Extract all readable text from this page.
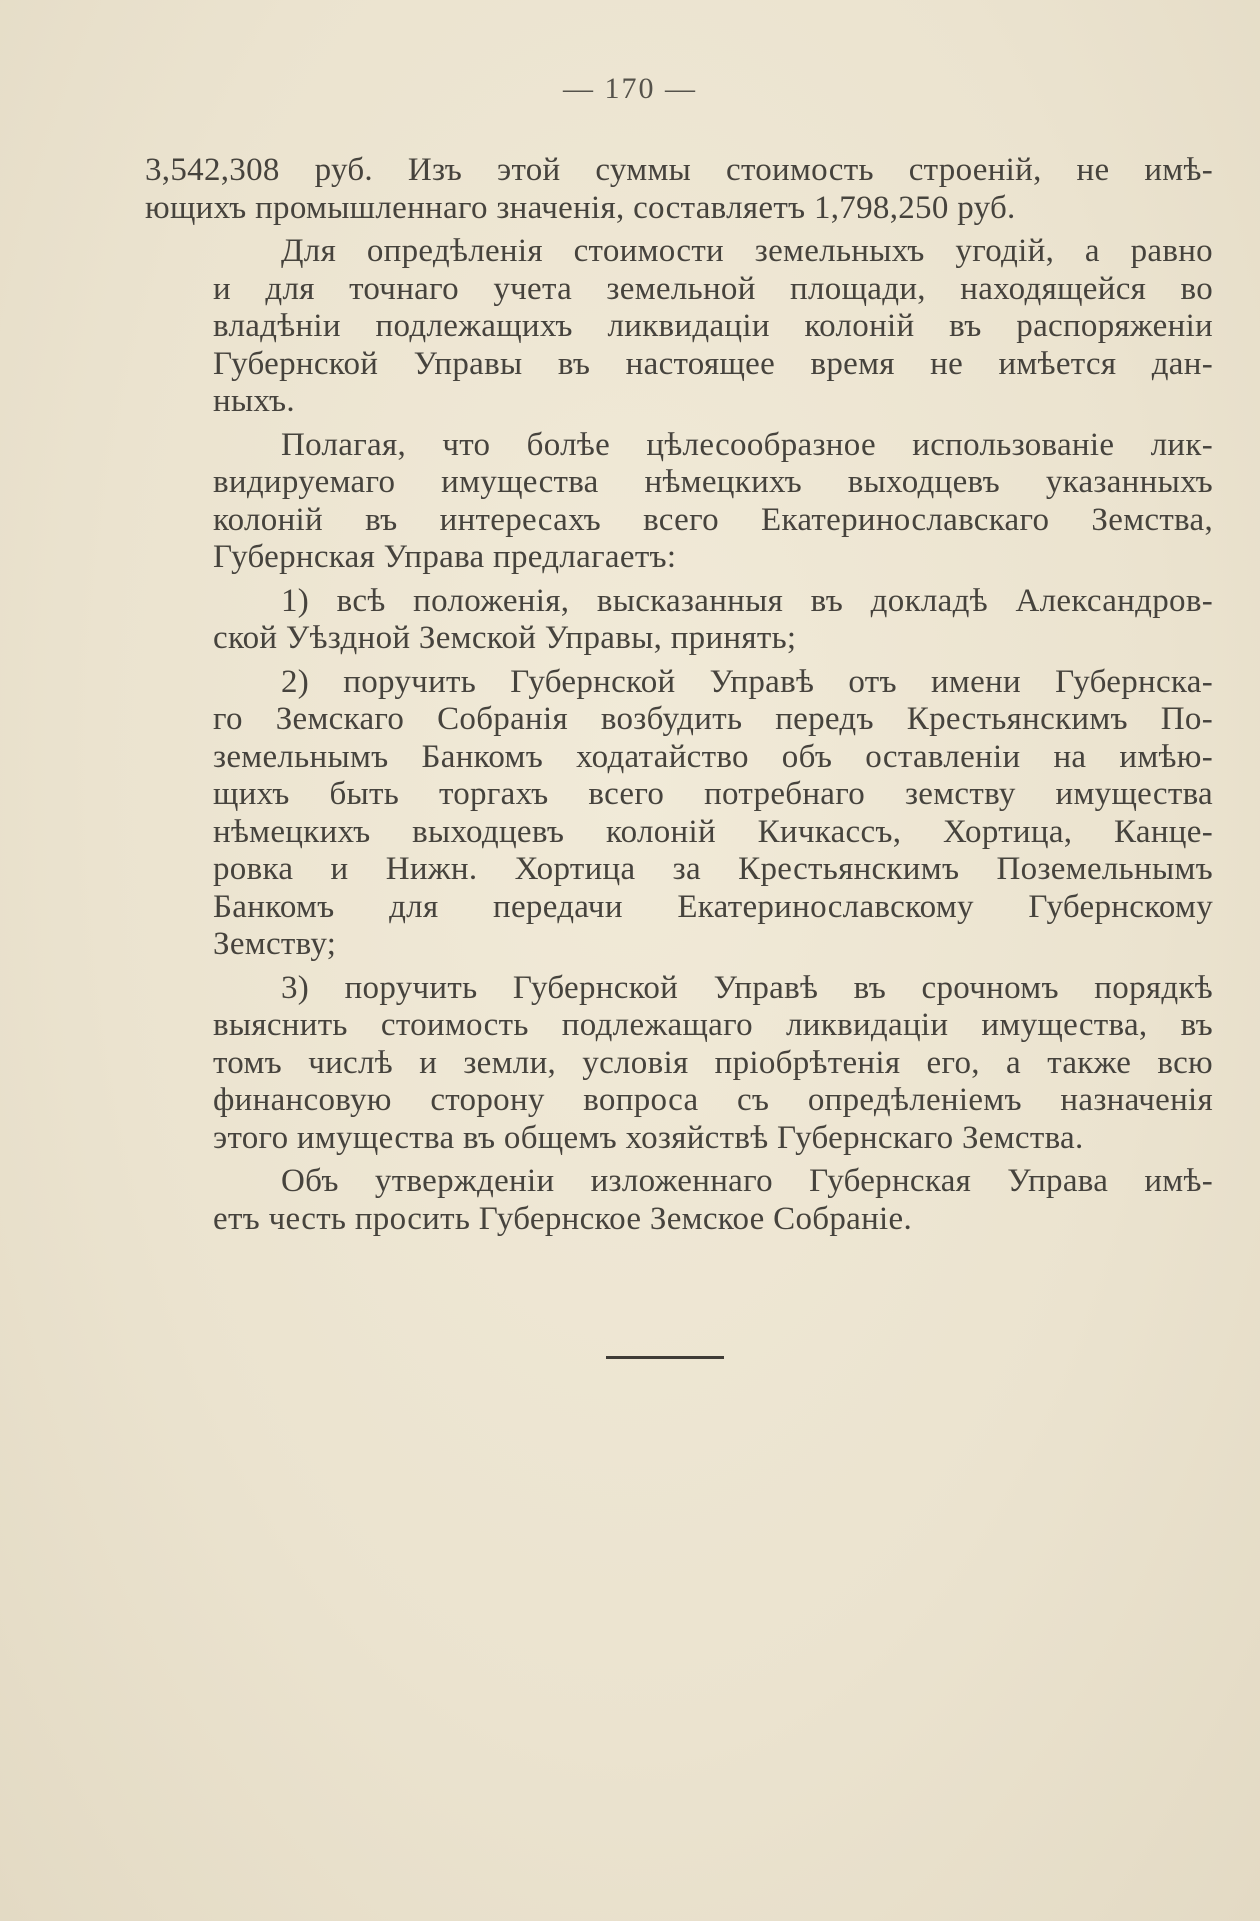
— 170 —

3,542,308 руб. Изъ этой суммы стоимость строеній, не имѣ-
ющихъ промышленнаго значенія, составляетъ 1,798,250 руб.

Для опредѣленія стоимости земельныхъ угодій, а равно
и для точнаго учета земельной площади, находящейся во
владѣніи подлежащихъ ликвидаціи колоній въ распоряженіи
Губернской Управы въ настоящее время не имѣется дан-
ныхъ.

Полагая, что болѣе цѣлесообразное использованіе лик-
видируемаго имущества нѣмецкихъ выходцевъ указанныхъ
колоній въ интересахъ всего Екатеринославскаго Земства,
Губернская Управа предлагаетъ:

1) всѣ положенія, высказанныя въ докладѣ Александров-
ской Уѣздной Земской Управы, принять;

2) поручить Губернской Управѣ отъ имени Губернска-
го Земскаго Собранія возбудить передъ Крестьянскимъ По-
земельнымъ Банкомъ ходатайство объ оставленіи на имѣю-
щихъ быть торгахъ всего потребнаго земству имущества
нѣмецкихъ выходцевъ колоній Кичкассъ, Хортица, Канце-
ровка и Нижн. Хортица за Крестьянскимъ Поземельнымъ
Банкомъ для передачи Екатеринославскому Губернскому
Земству;

3) поручить Губернской Управѣ въ срочномъ порядкѣ
выяснить стоимость подлежащаго ликвидаціи имущества, въ
томъ числѣ и земли, условія пріобрѣтенія его, а также всю
финансовую сторону вопроса съ опредѣленіемъ назначенія
этого имущества въ общемъ хозяйствѣ Губернскаго Земства.

Объ утвержденіи изложеннаго Губернская Управа имѣ-
етъ честь просить Губернское Земское Собраніе.
